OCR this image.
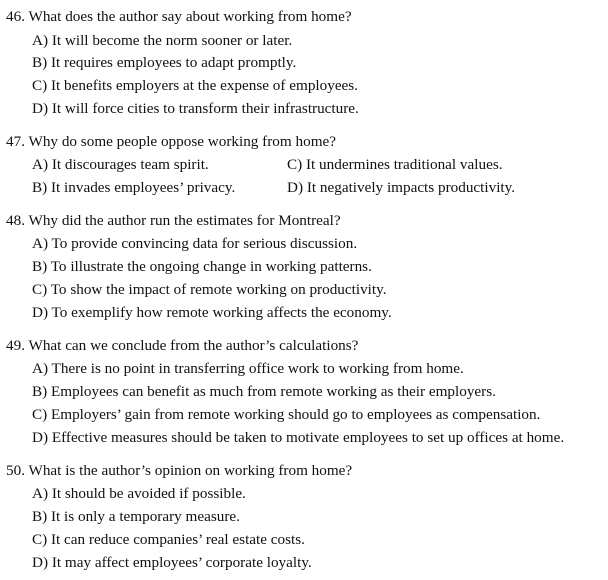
46. What does the author say about working from home?
A) It will become the norm sooner or later.
B) It requires employees to adapt promptly.
C) It benefits employers at the expense of employees.
D) It will force cities to transform their infrastructure.
47. Why do some people oppose working from home?
A) It discourages team spirit.	C) It undermines traditional values.
B) It invades employees’ privacy.	D) It negatively impacts productivity.
48. Why did the author run the estimates for Montreal?
A) To provide convincing data for serious discussion.
B) To illustrate the ongoing change in working patterns.
C) To show the impact of remote working on productivity.
D) To exemplify how remote working affects the economy.
49. What can we conclude from the author’s calculations?
A) There is no point in transferring office work to working from home.
B) Employees can benefit as much from remote working as their employers.
C) Employers’ gain from remote working should go to employees as compensation.
D) Effective measures should be taken to motivate employees to set up offices at home.
50. What is the author’s opinion on working from home?
A) It should be avoided if possible.
B) It is only a temporary measure.
C) It can reduce companies’ real estate costs.
D) It may affect employees’ corporate loyalty.
